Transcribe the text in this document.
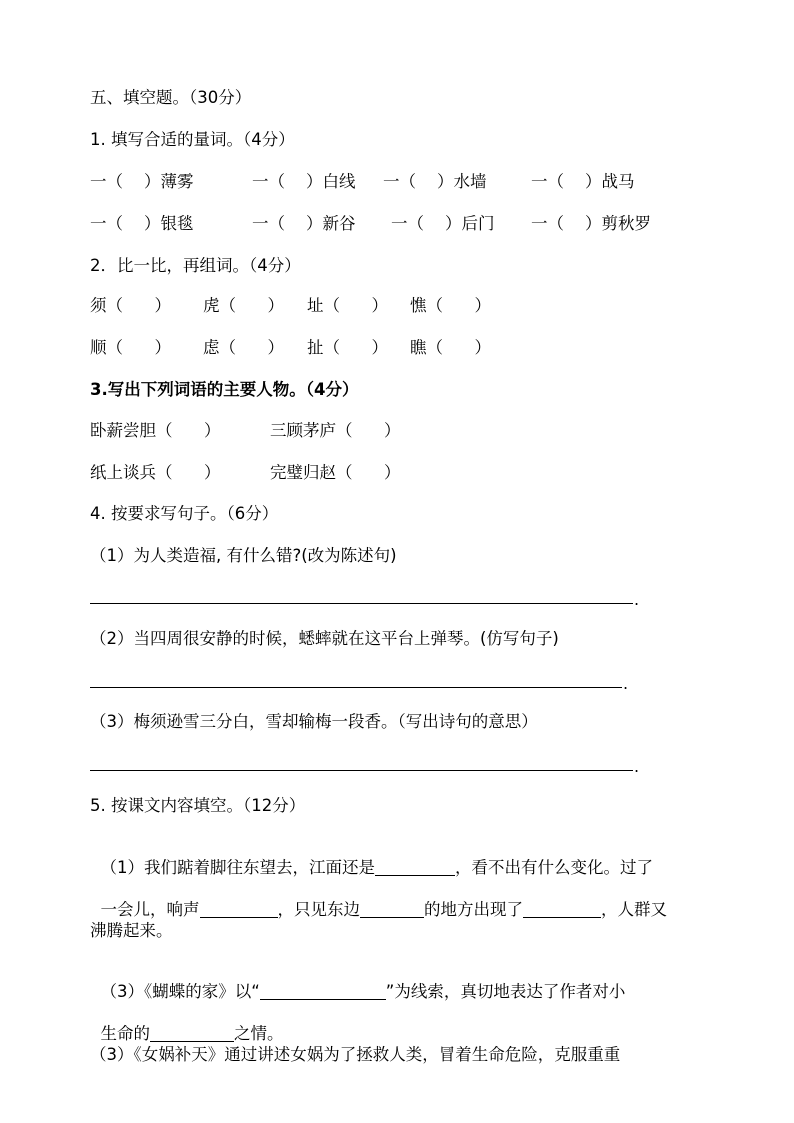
五、填空题。（30分）
1. 填写合适的量词。（4分）
一（    ）薄雾	一（    ）白线 一（    ）水墙	一（    ）战马
一（    ）银毯	一（    ）新谷 一（    ）后门 一（    ）剪秋罗
2．比一比，再组词。（4分）
须（      ） 虎（      ） 址（      ） 憔（      ）
顺（      ） 虑（      ） 扯（      ） 瞧（      ）
3.写出下列词语的主要人物。（4分）
卧薪尝胆（      ）	三顾茅庐（      ）
纸上谈兵（      ）	完璧归赵（      ）
4. 按要求写句子。（6分）
（1）为人类造福, 有什么错?(改为陈述句)
.
（2）当四周很安静的时候，蟋蟀就在这平台上弹琴。(仿写句子)
.
（3）梅须逊雪三分白，雪却输梅一段香。（写出诗句的意思）
.
5. 按课文内容填空。（12分）

（1）我们踮着脚往东望去，江面还是	，看不出有什么变化。过了

一会儿，响声	，只见东边	的地方出现了	，人群又

沸腾起来。

（3）《蝴蝶的家》以“	”为线索，真切地表达了作者对小

生命的	之情。

（3）《女娲补天》通过讲述女娲为了拯救人类，冒着生命危险，克服重重
